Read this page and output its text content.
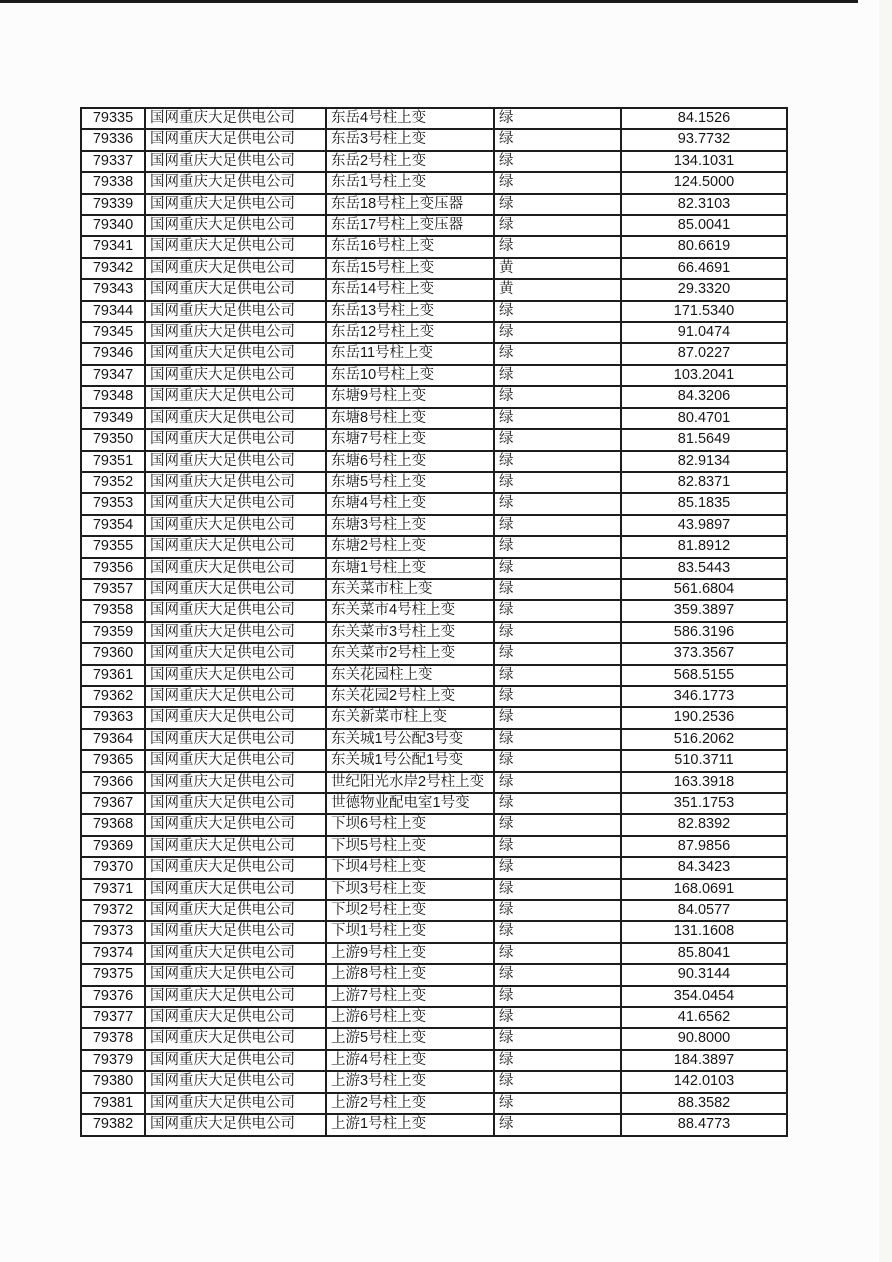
79335	国网重庆大足供电公司	东岳4号柱上变	绿	84.1526
79336	国网重庆大足供电公司	东岳3号柱上变	绿	93.7732
79337	国网重庆大足供电公司	东岳2号柱上变	绿	134.1031
79338	国网重庆大足供电公司	东岳1号柱上变	绿	124.5000
79339	国网重庆大足供电公司	东岳18号柱上变压器	绿	82.3103
79340	国网重庆大足供电公司	东岳17号柱上变压器	绿	85.0041
79341	国网重庆大足供电公司	东岳16号柱上变	绿	80.6619
79342	国网重庆大足供电公司	东岳15号柱上变	黄	66.4691
79343	国网重庆大足供电公司	东岳14号柱上变	黄	29.3320
79344	国网重庆大足供电公司	东岳13号柱上变	绿	171.5340
79345	国网重庆大足供电公司	东岳12号柱上变	绿	91.0474
79346	国网重庆大足供电公司	东岳11号柱上变	绿	87.0227
79347	国网重庆大足供电公司	东岳10号柱上变	绿	103.2041
79348	国网重庆大足供电公司	东塘9号柱上变	绿	84.3206
79349	国网重庆大足供电公司	东塘8号柱上变	绿	80.4701
79350	国网重庆大足供电公司	东塘7号柱上变	绿	81.5649
79351	国网重庆大足供电公司	东塘6号柱上变	绿	82.9134
79352	国网重庆大足供电公司	东塘5号柱上变	绿	82.8371
79353	国网重庆大足供电公司	东塘4号柱上变	绿	85.1835
79354	国网重庆大足供电公司	东塘3号柱上变	绿	43.9897
79355	国网重庆大足供电公司	东塘2号柱上变	绿	81.8912
79356	国网重庆大足供电公司	东塘1号柱上变	绿	83.5443
79357	国网重庆大足供电公司	东关菜市柱上变	绿	561.6804
79358	国网重庆大足供电公司	东关菜市4号柱上变	绿	359.3897
79359	国网重庆大足供电公司	东关菜市3号柱上变	绿	586.3196
79360	国网重庆大足供电公司	东关菜市2号柱上变	绿	373.3567
79361	国网重庆大足供电公司	东关花园柱上变	绿	568.5155
79362	国网重庆大足供电公司	东关花园2号柱上变	绿	346.1773
79363	国网重庆大足供电公司	东关新菜市柱上变	绿	190.2536
79364	国网重庆大足供电公司	东关城1号公配3号变	绿	516.2062
79365	国网重庆大足供电公司	东关城1号公配1号变	绿	510.3711
79366	国网重庆大足供电公司	世纪阳光水岸2号柱上变	绿	163.3918
79367	国网重庆大足供电公司	世德物业配电室1号变	绿	351.1753
79368	国网重庆大足供电公司	下坝6号柱上变	绿	82.8392
79369	国网重庆大足供电公司	下坝5号柱上变	绿	87.9856
79370	国网重庆大足供电公司	下坝4号柱上变	绿	84.3423
79371	国网重庆大足供电公司	下坝3号柱上变	绿	168.0691
79372	国网重庆大足供电公司	下坝2号柱上变	绿	84.0577
79373	国网重庆大足供电公司	下坝1号柱上变	绿	131.1608
79374	国网重庆大足供电公司	上游9号柱上变	绿	85.8041
79375	国网重庆大足供电公司	上游8号柱上变	绿	90.3144
79376	国网重庆大足供电公司	上游7号柱上变	绿	354.0454
79377	国网重庆大足供电公司	上游6号柱上变	绿	41.6562
79378	国网重庆大足供电公司	上游5号柱上变	绿	90.8000
79379	国网重庆大足供电公司	上游4号柱上变	绿	184.3897
79380	国网重庆大足供电公司	上游3号柱上变	绿	142.0103
79381	国网重庆大足供电公司	上游2号柱上变	绿	88.3582
79382	国网重庆大足供电公司	上游1号柱上变	绿	88.4773
